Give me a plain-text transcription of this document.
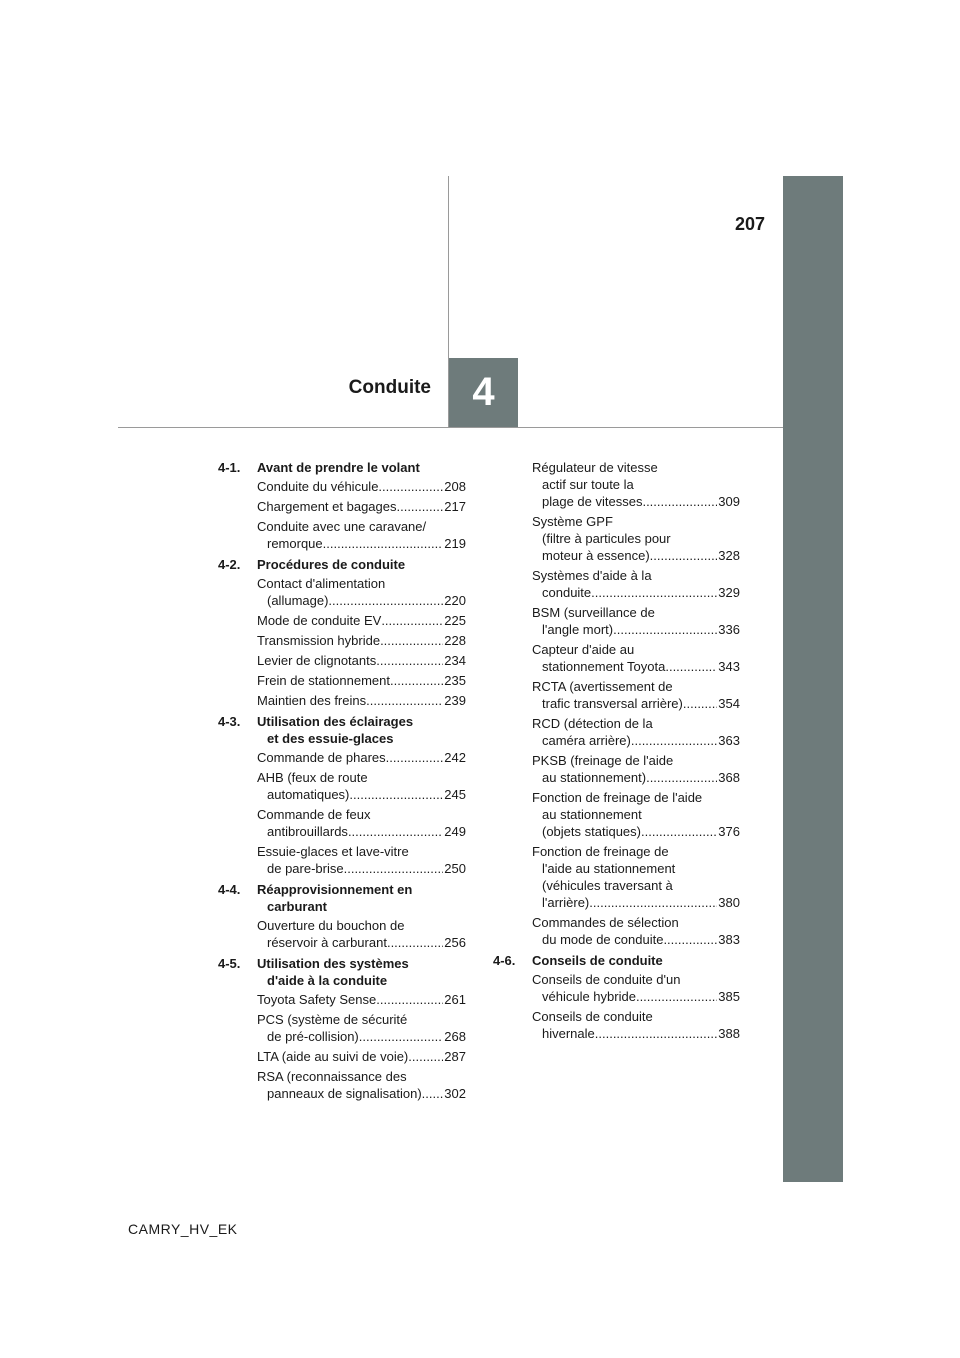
207
4
Conduite
4-1. Avant de prendre le volant
Conduite du véhicule .....	208
Chargement et bagages .....	217
Conduite avec une caravane/
remorque .....	219
4-2. Procédures de conduite
Contact d'alimentation
(allumage) .....	220
Mode de conduite EV .....	225
Transmission hybride .....	228
Levier de clignotants .....	234
Frein de stationnement .....	235
Maintien des freins .....	239
4-3. Utilisation des éclairages
et des essuie-glaces
Commande de phares .....	242
AHB (feux de route
automatiques) .....	245
Commande de feux
antibrouillards .....	249
Essuie-glaces et lave-vitre
de pare-brise .....	250
4-4. Réapprovisionnement en
carburant
Ouverture du bouchon de
réservoir à carburant .....	256
4-5. Utilisation des systèmes
d'aide à la conduite
Toyota Safety Sense .....	261
PCS (système de sécurité
de pré-collision) .....	268
LTA (aide au suivi de voie) .....	287
RSA (reconnaissance des
panneaux de signalisation) ..... 302
Régulateur de vitesse
actif sur toute la
plage de vitesses .....	309
Système GPF
(filtre à particules pour
moteur à essence) .....	328
Systèmes d'aide à la
conduite .....	329
BSM (surveillance de
l'angle mort) .....	336
Capteur d'aide au
stationnement Toyota .....	343
RCTA (avertissement de
trafic transversal arrière) .....	354
RCD (détection de la
caméra arrière) .....	363
PKSB (freinage de l'aide
au stationnement) .....	368
Fonction de freinage de l'aide
au stationnement
(objets statiques) .....	376
Fonction de freinage de
l'aide au stationnement
(véhicules traversant à
l'arrière) .....	380
Commandes de sélection
du mode de conduite .....	383
4-6. Conseils de conduite
Conseils de conduite d'un
véhicule hybride .....	385
Conseils de conduite
hivernale .....	388
CAMRY_HV_EK
